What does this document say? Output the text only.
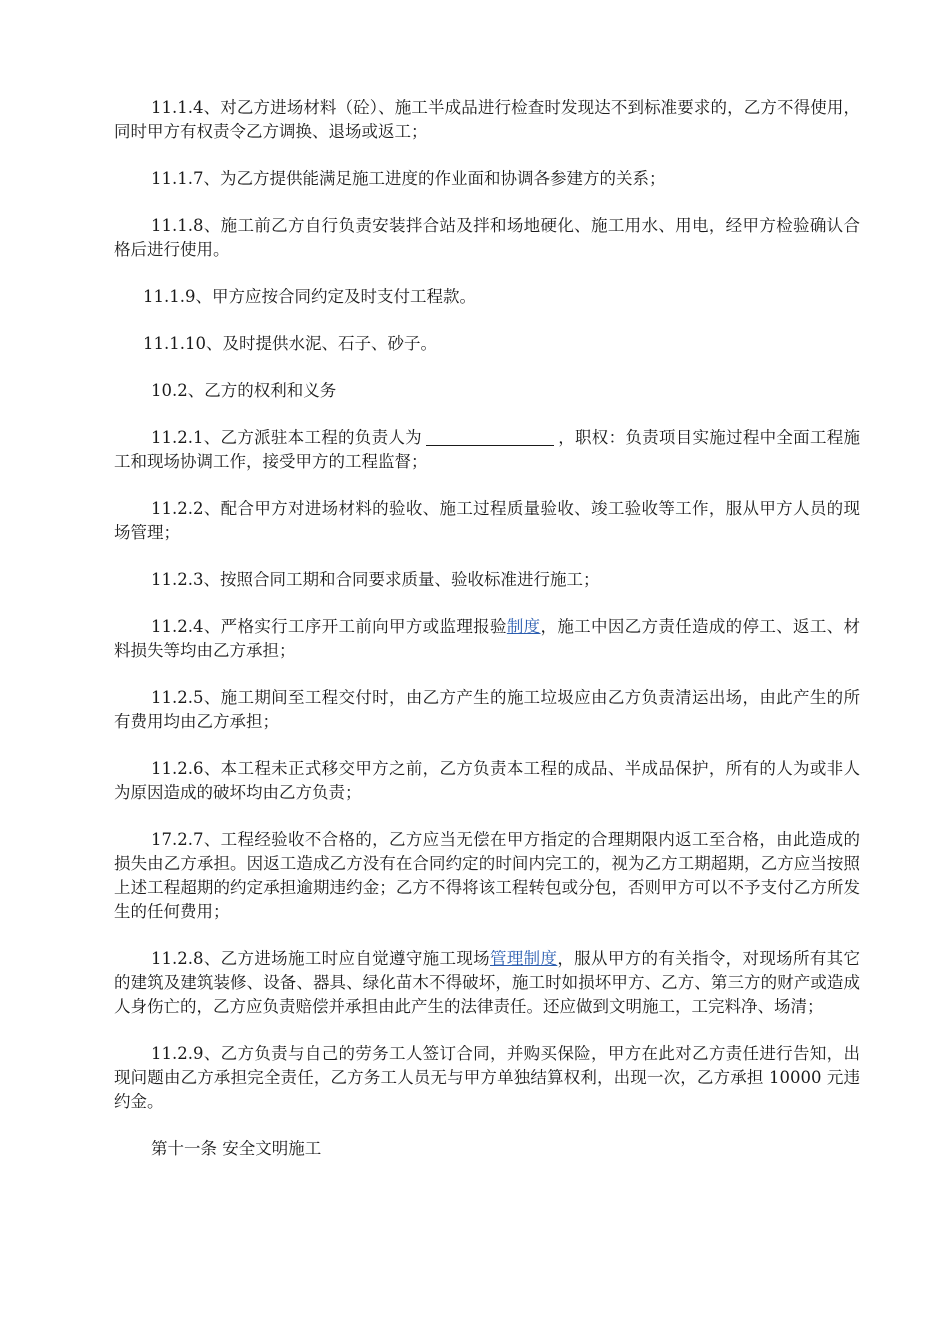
11.1.4、对乙方进场材料（砼）、施工半成品进行检查时发现达不到标准要求的，乙方不得使用，同时甲方有权责令乙方调换、退场或返工；

11.1.7、为乙方提供能满足施工进度的作业面和协调各参建方的关系；

11.1.8、施工前乙方自行负责安装拌合站及拌和场地硬化、施工用水、用电，经甲方检验确认合格后进行使用。

11.1.9、甲方应按合同约定及时支付工程款。

11.1.10、及时提供水泥、石子、砂子。

10.2、乙方的权利和义务

11.2.1、乙方派驻本工程的负责人为	，职权：负责项目实施过程中全面工程施工和现场协调工作，接受甲方的工程监督；

11.2.2、配合甲方对进场材料的验收、施工过程质量验收、竣工验收等工作，服从甲方人员的现场管理；

11.2.3、按照合同工期和合同要求质量、验收标准进行施工；

11.2.4、严格实行工序开工前向甲方或监理报验制度，施工中因乙方责任造成的停工、返工、材料损失等均由乙方承担；

11.2.5、施工期间至工程交付时，由乙方产生的施工垃圾应由乙方负责清运出场，由此产生的所有费用均由乙方承担；

11.2.6、本工程未正式移交甲方之前，乙方负责本工程的成品、半成品保护，所有的人为或非人为原因造成的破坏均由乙方负责；

17.2.7、工程经验收不合格的，乙方应当无偿在甲方指定的合理期限内返工至合格，由此造成的损失由乙方承担。因返工造成乙方没有在合同约定的时间内完工的，视为乙方工期超期，乙方应当按照上述工程超期的约定承担逾期违约金；乙方不得将该工程转包或分包，否则甲方可以不予支付乙方所发生的任何费用；

11.2.8、乙方进场施工时应自觉遵守施工现场管理制度，服从甲方的有关指令，对现场所有其它的建筑及建筑装修、设备、器具、绿化苗木不得破坏，施工时如损坏甲方、乙方、第三方的财产或造成人身伤亡的，乙方应负责赔偿并承担由此产生的法律责任。还应做到文明施工，工完料净、场清；

11.2.9、乙方负责与自己的劳务工人签订合同，并购买保险，甲方在此对乙方责任进行告知，出现问题由乙方承担完全责任，乙方务工人员无与甲方单独结算权利，出现一次，乙方承担 10000 元违约金。

第十一条 安全文明施工
